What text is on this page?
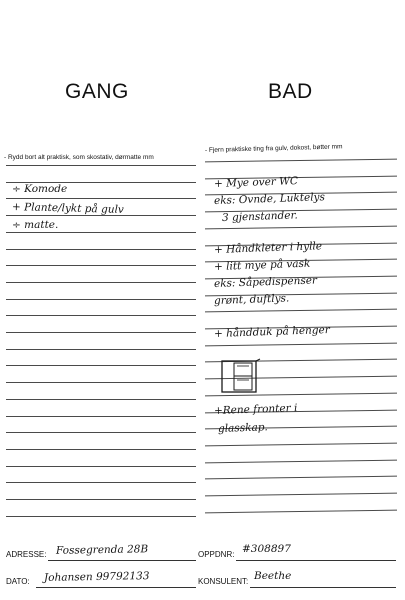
GANG
- Rydd bort alt praktisk, som skostativ, dørmatte mm
÷ Komode
+ Plante/lykt på gulv
÷ matte.
BAD
- Fjern praktiske ting fra gulv, dokost, bøtter mm
+ Mye over WC
eks: Ovnde, Luktelys
3 gjenstander.
+ Håndkleter i hylle
+ litt mye på vask
eks: Såpedispenser
grønt, duftlys.
+ håndduk på henger
+Rene fronter i
glasskap.
ADRESSE: Fossegrenda 28B	OPPDNR: #308897
DATO: Johansen 99792133	KONSULENT: Beethe
